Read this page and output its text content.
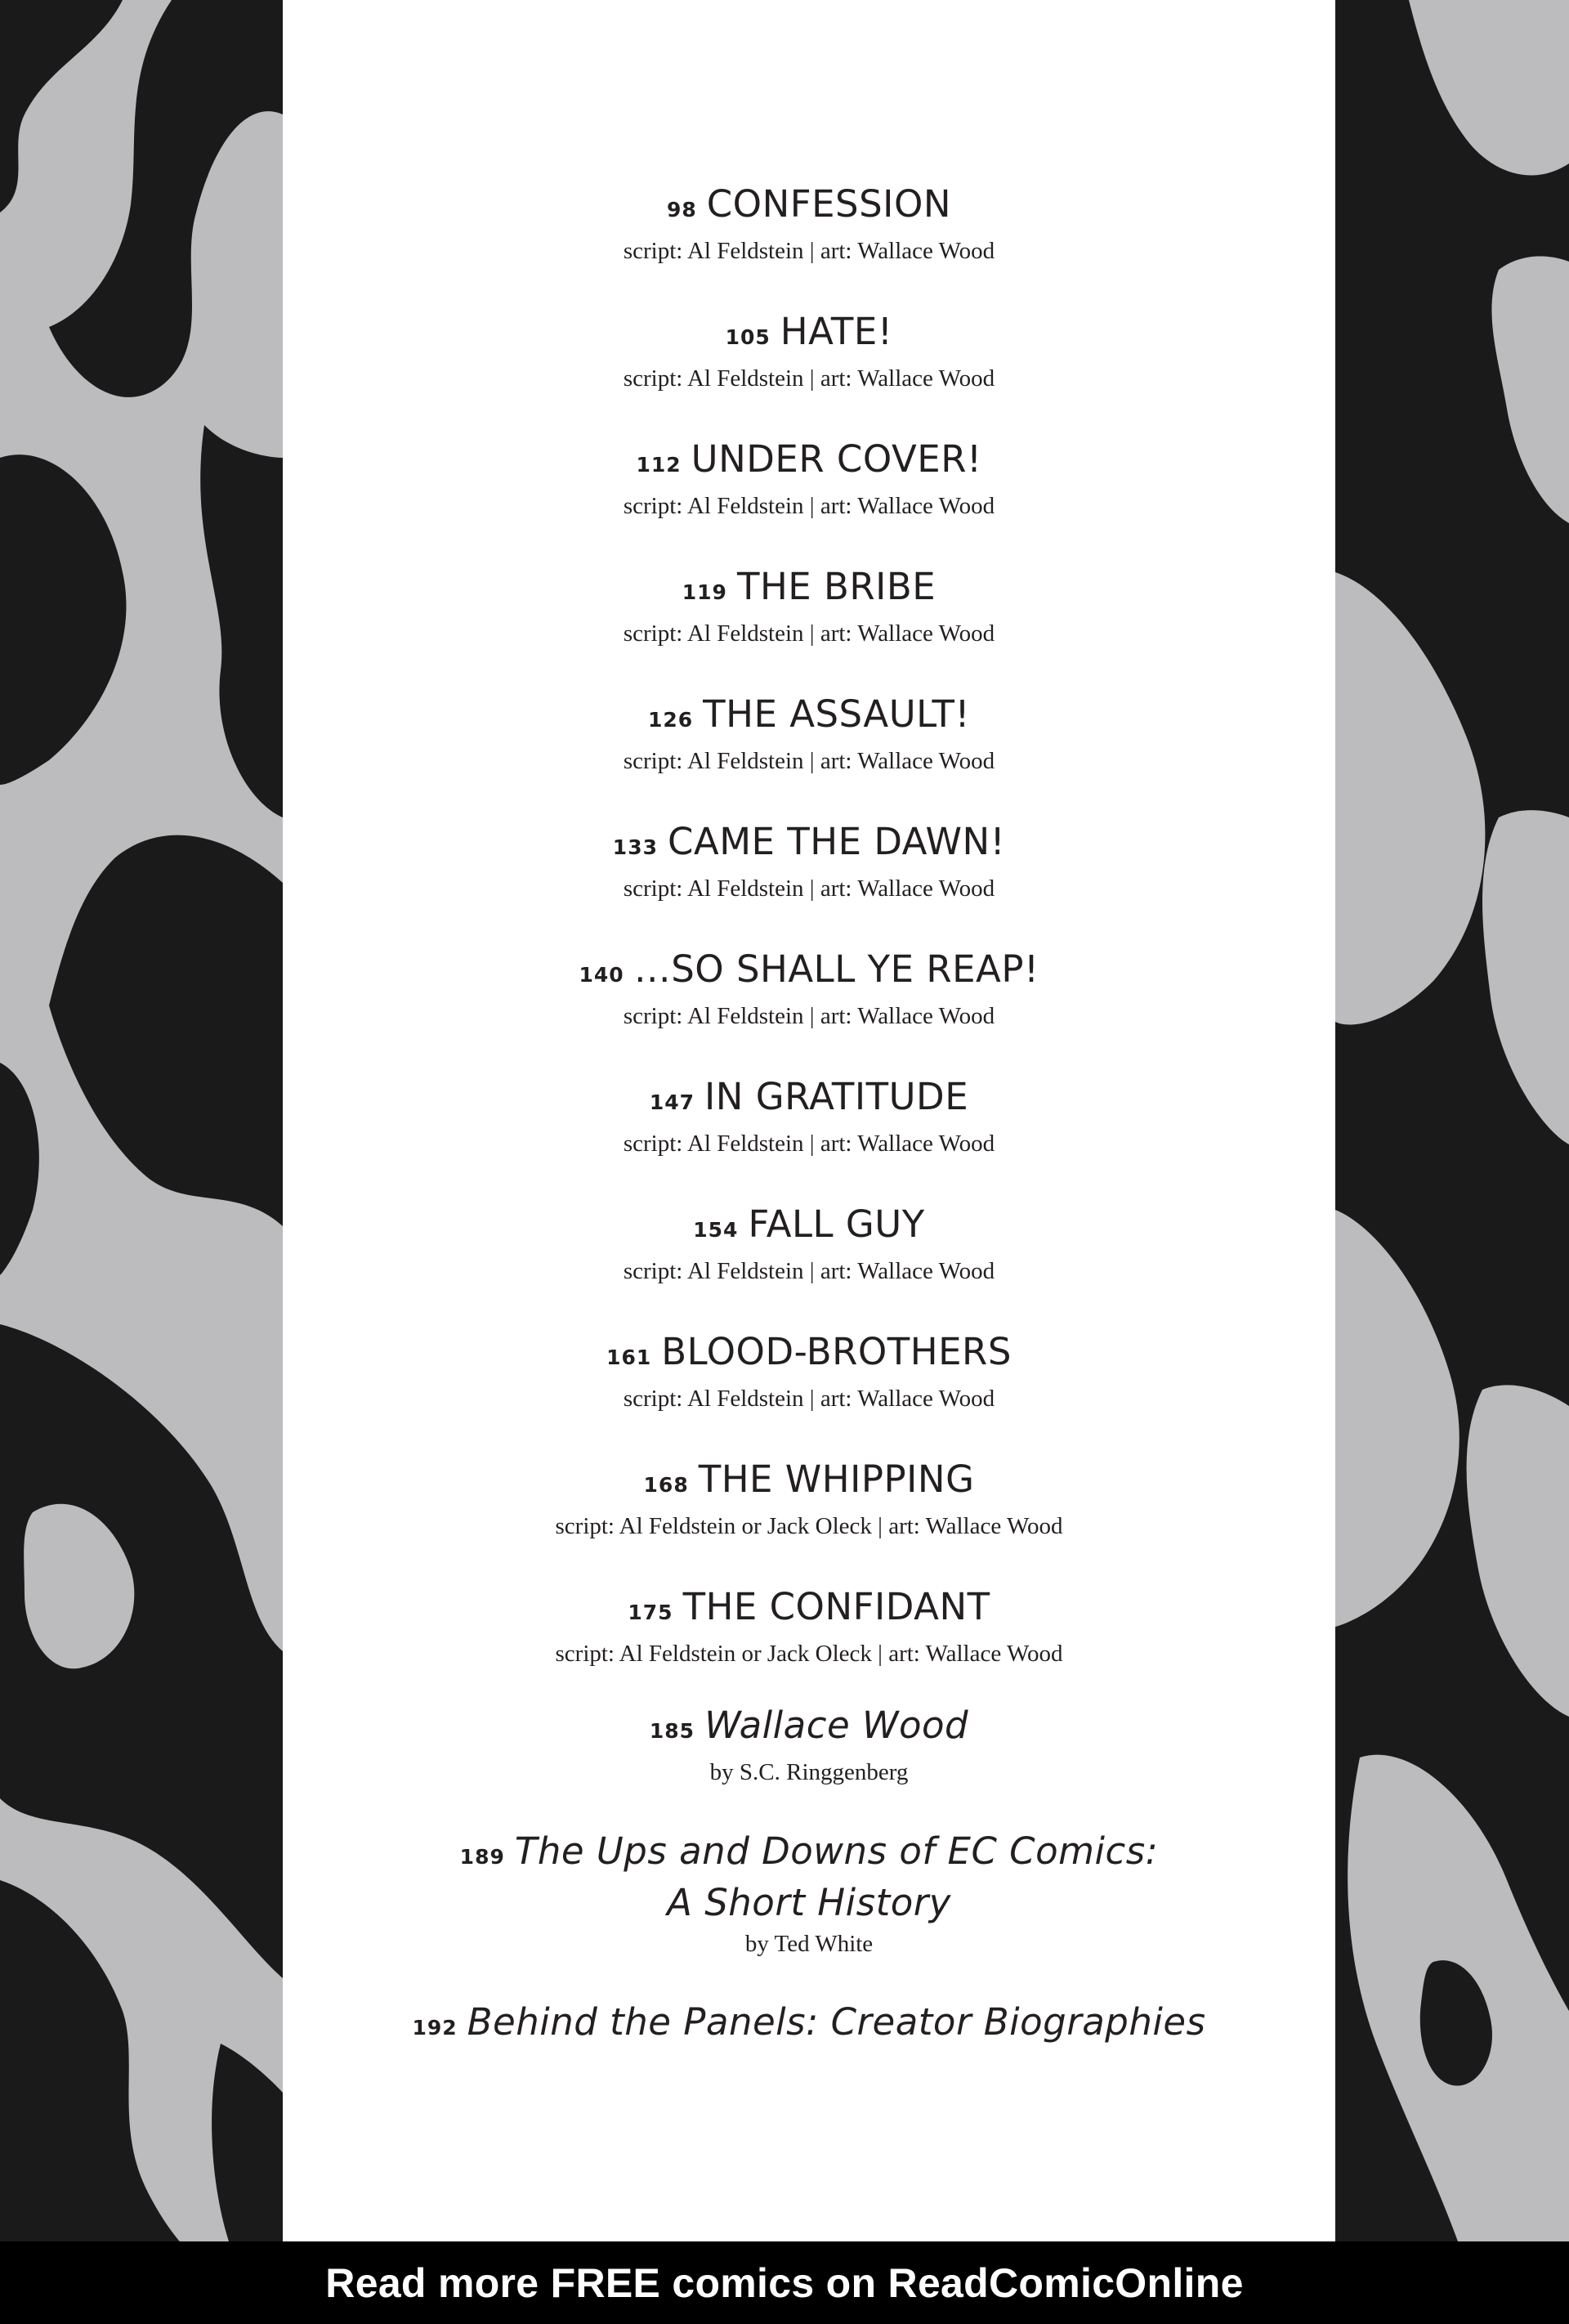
98 CONFESSION
script: Al Feldstein | art: Wallace Wood
105 HATE!
script: Al Feldstein | art: Wallace Wood
112 UNDER COVER!
script: Al Feldstein | art: Wallace Wood
119 THE BRIBE
script: Al Feldstein | art: Wallace Wood
126 THE ASSAULT!
script: Al Feldstein | art: Wallace Wood
133 CAME THE DAWN!
script: Al Feldstein | art: Wallace Wood
140 …SO SHALL YE REAP!
script: Al Feldstein | art: Wallace Wood
147 IN GRATITUDE
script: Al Feldstein | art: Wallace Wood
154 FALL GUY
script: Al Feldstein | art: Wallace Wood
161 BLOOD-BROTHERS
script: Al Feldstein | art: Wallace Wood
168 THE WHIPPING
script: Al Feldstein or Jack Oleck | art: Wallace Wood
175 THE CONFIDANT
script: Al Feldstein or Jack Oleck | art: Wallace Wood
185 Wallace Wood
by S.C. Ringgenberg
189 The Ups and Downs of EC Comics:
A Short History
by Ted White
192 Behind the Panels: Creator Biographies
Read more FREE comics on ReadComicOnline
